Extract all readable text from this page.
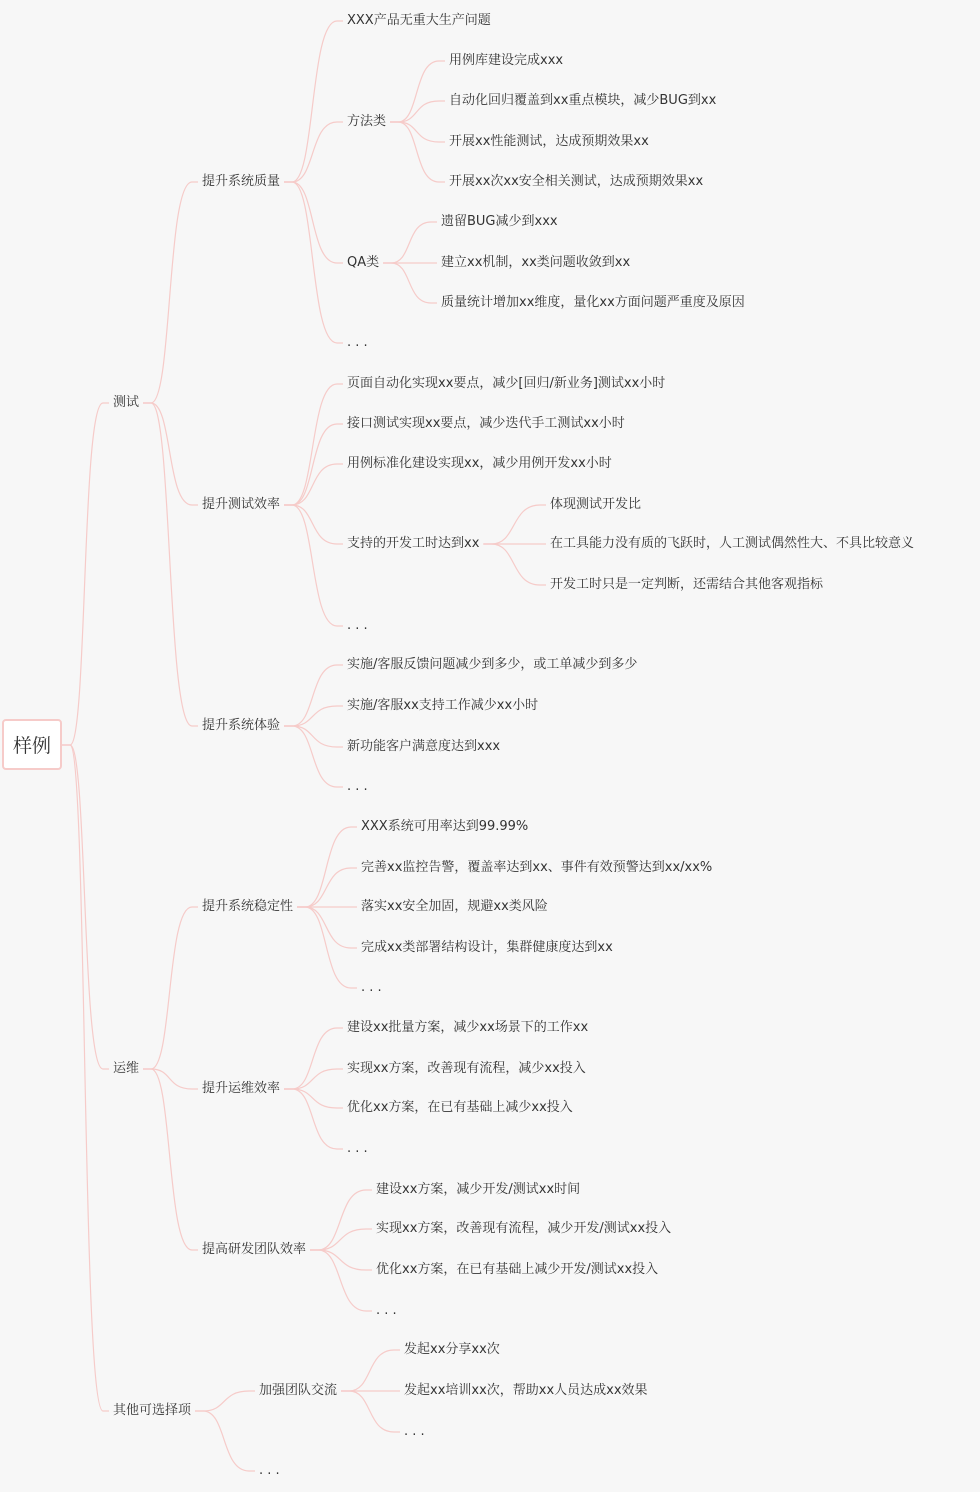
样例
测试
提升系统质量
XXX产品无重大生产问题
方法类
用例库建设完成xxx
自动化回归覆盖到xx重点模块，减少BUG到xx
开展xx性能测试，达成预期效果xx
开展xx次xx安全相关测试，达成预期效果xx
QA类
遗留BUG减少到xxx
建立xx机制，xx类问题收敛到xx
质量统计增加xx维度，量化xx方面问题严重度及原因
. . .
提升测试效率
页面自动化实现xx要点，减少[回归/新业务]测试xx小时
接口测试实现xx要点，减少迭代手工测试xx小时
用例标准化建设实现xx，减少用例开发xx小时
支持的开发工时达到xx
体现测试开发比
在工具能力没有质的飞跃时，人工测试偶然性大、不具比较意义
开发工时只是一定判断，还需结合其他客观指标
. . .
提升系统体验
实施/客服反馈问题减少到多少，或工单减少到多少
实施/客服xx支持工作减少xx小时
新功能客户满意度达到xxx
. . .
运维
提升系统稳定性
XXX系统可用率达到99.99%
完善xx监控告警，覆盖率达到xx、事件有效预警达到xx/xx%
落实xx安全加固，规避xx类风险
完成xx类部署结构设计，集群健康度达到xx
. . .
提升运维效率
建设xx批量方案，减少xx场景下的工作xx
实现xx方案，改善现有流程，减少xx投入
优化xx方案，在已有基础上减少xx投入
. . .
提高研发团队效率
建设xx方案，减少开发/测试xx时间
实现xx方案，改善现有流程，减少开发/测试xx投入
优化xx方案，在已有基础上减少开发/测试xx投入
. . .
其他可选择项
加强团队交流
发起xx分享xx次
发起xx培训xx次，帮助xx人员达成xx效果
. . .
. . .
